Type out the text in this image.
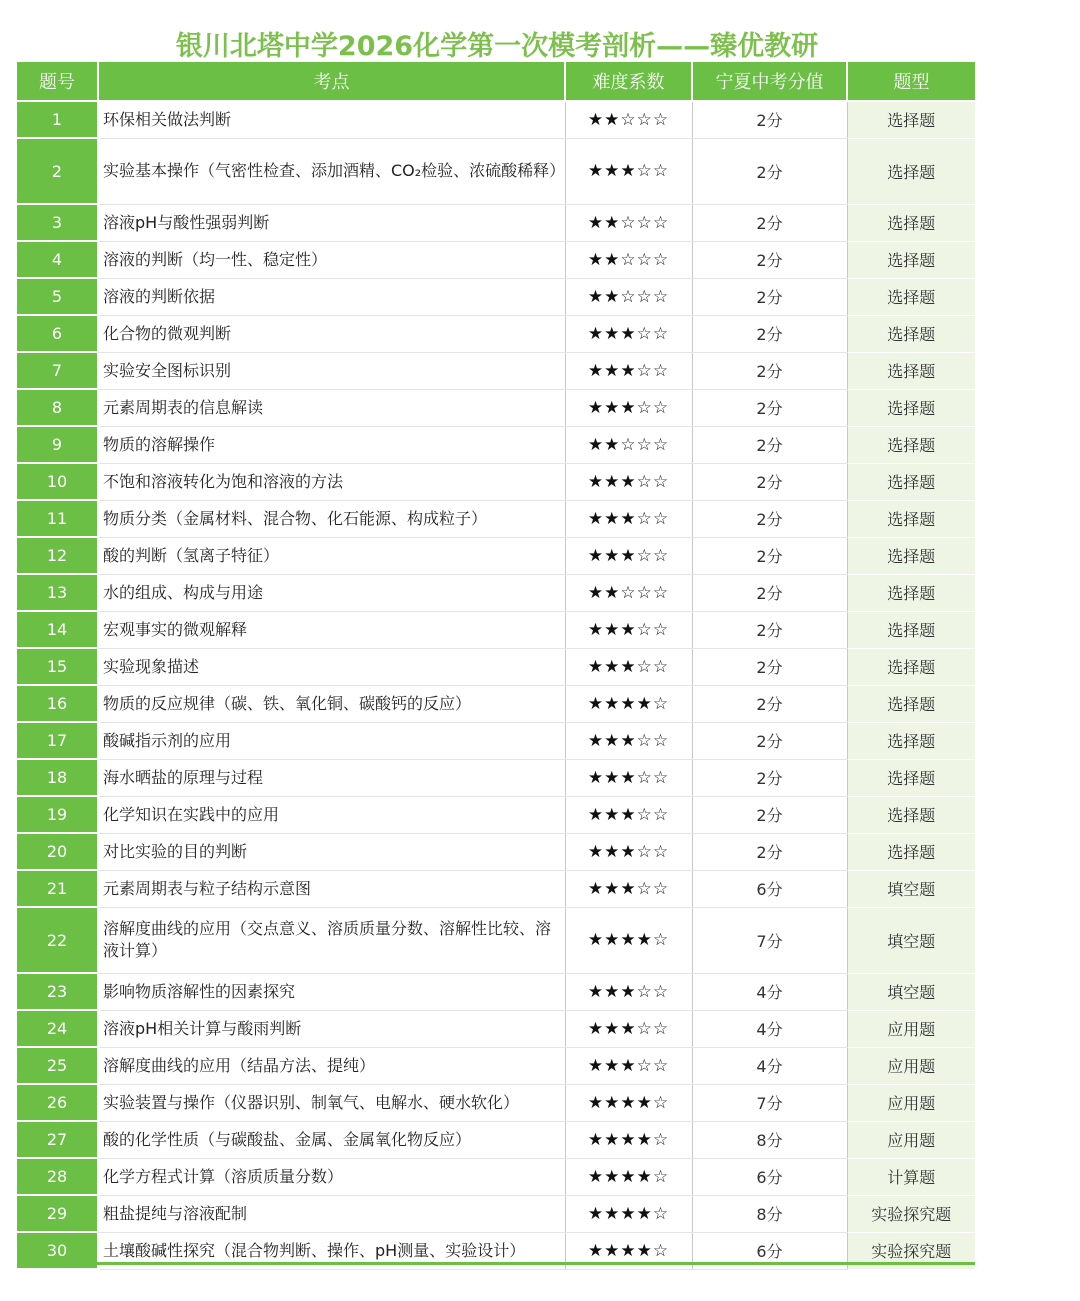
银川北塔中学2026化学第一次模考剖析——臻优教研
题号	考点	难度系数	宁夏中考分值	题型
1	环保相关做法判断	★★☆☆☆	2分	选择题
2	实验基本操作（气密性检查、添加酒精、CO₂检验、浓硫酸稀释）	★★★☆☆	2分	选择题
3	溶液pH与酸性强弱判断	★★☆☆☆	2分	选择题
4	溶液的判断（均一性、稳定性）	★★☆☆☆	2分	选择题
5	溶液的判断依据	★★☆☆☆	2分	选择题
6	化合物的微观判断	★★★☆☆	2分	选择题
7	实验安全图标识别	★★★☆☆	2分	选择题
8	元素周期表的信息解读	★★★☆☆	2分	选择题
9	物质的溶解操作	★★☆☆☆	2分	选择题
10	不饱和溶液转化为饱和溶液的方法	★★★☆☆	2分	选择题
11	物质分类（金属材料、混合物、化石能源、构成粒子）	★★★☆☆	2分	选择题
12	酸的判断（氢离子特征）	★★★☆☆	2分	选择题
13	水的组成、构成与用途	★★☆☆☆	2分	选择题
14	宏观事实的微观解释	★★★☆☆	2分	选择题
15	实验现象描述	★★★☆☆	2分	选择题
16	物质的反应规律（碳、铁、氧化铜、碳酸钙的反应）	★★★★☆	2分	选择题
17	酸碱指示剂的应用	★★★☆☆	2分	选择题
18	海水晒盐的原理与过程	★★★☆☆	2分	选择题
19	化学知识在实践中的应用	★★★☆☆	2分	选择题
20	对比实验的目的判断	★★★☆☆	2分	选择题
21	元素周期表与粒子结构示意图	★★★☆☆	6分	填空题
22	溶解度曲线的应用（交点意义、溶质质量分数、溶解性比较、溶液计算）	★★★★☆	7分	填空题
23	影响物质溶解性的因素探究	★★★☆☆	4分	填空题
24	溶液pH相关计算与酸雨判断	★★★☆☆	4分	应用题
25	溶解度曲线的应用（结晶方法、提纯）	★★★☆☆	4分	应用题
26	实验装置与操作（仪器识别、制氧气、电解水、硬水软化）	★★★★☆	7分	应用题
27	酸的化学性质（与碳酸盐、金属、金属氧化物反应）	★★★★☆	8分	应用题
28	化学方程式计算（溶质质量分数）	★★★★☆	6分	计算题
29	粗盐提纯与溶液配制	★★★★☆	8分	实验探究题
30	土壤酸碱性探究（混合物判断、操作、pH测量、实验设计）	★★★★☆	6分	实验探究题
